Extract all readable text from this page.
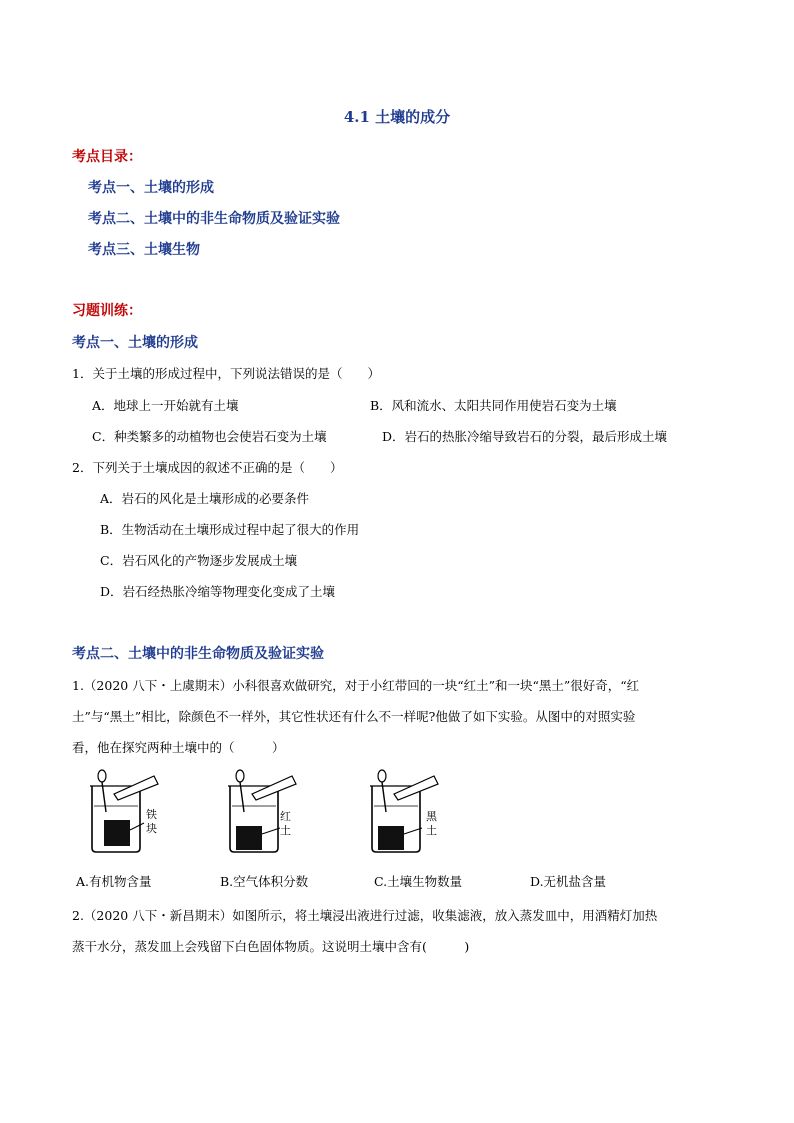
4.1 土壤的成分
考点目录：
考点一、土壤的形成
考点二、土壤中的非生命物质及验证实验
考点三、土壤生物
习题训练：
考点一、土壤的形成
1．关于土壤的形成过程中，下列说法错误的是（　　）
A．地球上一开始就有土壤	B．风和流水、太阳共同作用使岩石变为土壤
C．种类繁多的动植物也会使岩石变为土壤	D．岩石的热胀冷缩导致岩石的分裂，最后形成土壤
2．下列关于土壤成因的叙述不正确的是（　　）
A．岩石的风化是土壤形成的必要条件
B．生物活动在土壤形成过程中起了很大的作用
C．岩石风化的产物逐步发展成土壤
D．岩石经热胀冷缩等物理变化变成了土壤
考点二、土壤中的非生命物质及验证实验
1.（2020 八下・上虞期末）小科很喜欢做研究，对于小红带回的一块“红土”和一块“黑土”很好奇，“红
土”与“黑土”相比，除颜色不一样外，其它性状还有什么不一样呢?他做了如下实验。从图中的对照实验
看，他在探究两种土壤中的（　　　）
铁
块
红
土
黑
土
A.有机物含量	B.空气体积分数	C.土壤生物数量	D.无机盐含量
2.（2020 八下・新昌期末）如图所示，将土壤浸出液进行过滤，收集滤液，放入蒸发皿中，用酒精灯加热
蒸干水分，蒸发皿上会残留下白色固体物质。这说明土壤中含有(　　　)
